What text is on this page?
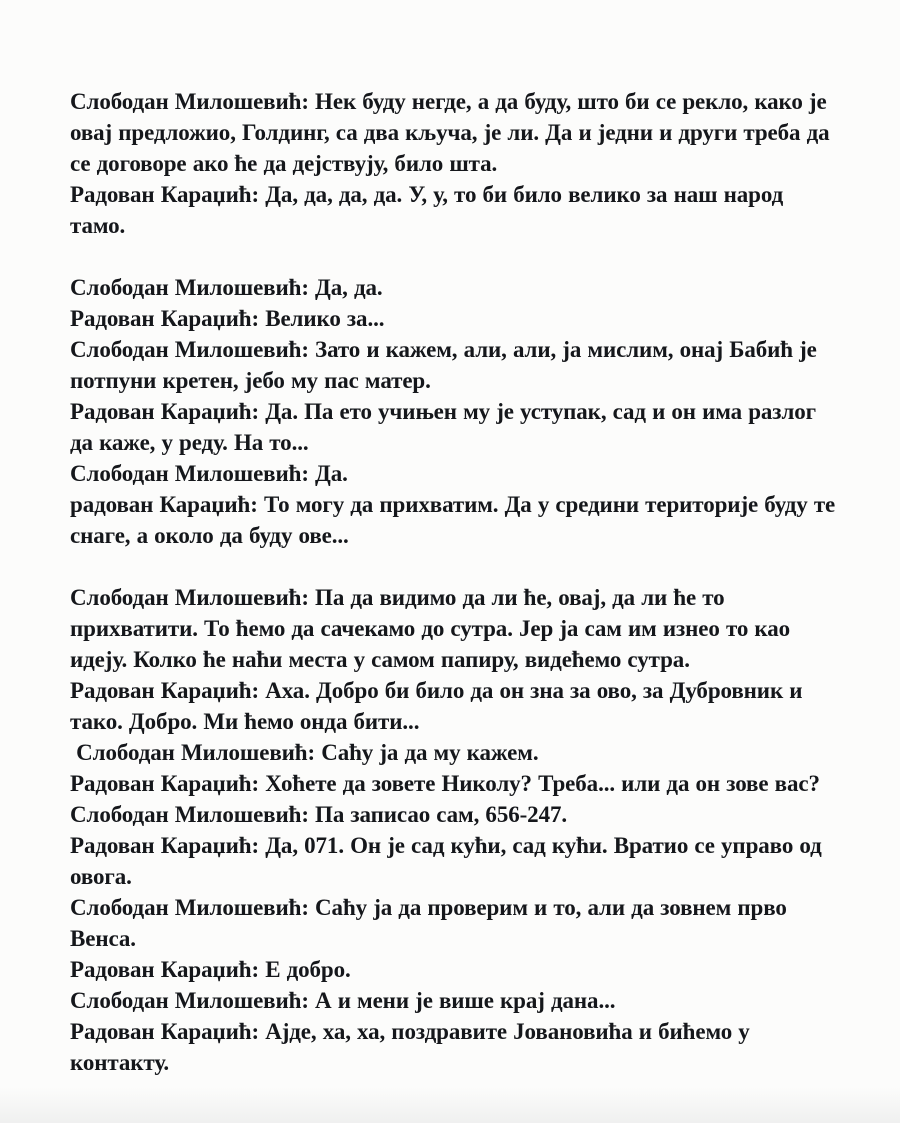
Слободан Милошевић: Нек буду негде, а да буду, што би се рекло, како је овај предложио, Голдинг, са два кључа, је ли. Да и једни и други треба да се договоре ако ће да дејствују, било шта.
Радован Караџић: Да, да, да, да. У, у, то би било велико за наш народ тамо.
Слободан Милошевић: Да, да.
Радован Караџић: Велико за...
Слободан Милошевић: Зато и кажем, али, али, ја мислим, онај Бабић је потпуни кретен, јебо му пас матер.
Радован Караџић: Да. Па ето учињен му је уступак, сад и он има разлог да каже, у реду. На то...
Слободан Милошевић: Да.
радован Караџић: То могу да прихватим. Да у средини територије буду те снаге, а около да буду ове...
Слободан Милошевић: Па да видимо да ли ће, овај, да ли ће то прихватити. То ћемо да сачекамо до сутра. Јер ја сам им изнео то као идеју. Колко ће наћи места у самом папиру, видећемо сутра.
Радован Караџић: Аха. Добро би било да он зна за ово, за Дубровник и тако. Добро. Ми ћемо онда бити...
Слободан Милошевић: Саћу ја да му кажем.
Радован Караџић: Хоћете да зовете Николу? Треба... или да он зове вас?
Слободан Милошевић: Па записао сам, 656-247.
Радован Караџић: Да, 071. Он је сад кући, сад кући. Вратио се управо од овога.
Слободан Милошевић: Саћу ја да проверим и то, али да зовнем прво Венса.
Радован Караџић: Е добро.
Слободан Милошевић: А и мени је више крај дана...
Радован Караџић: Ајде, ха, ха, поздравите Јовановића и бићемо у контакту.
